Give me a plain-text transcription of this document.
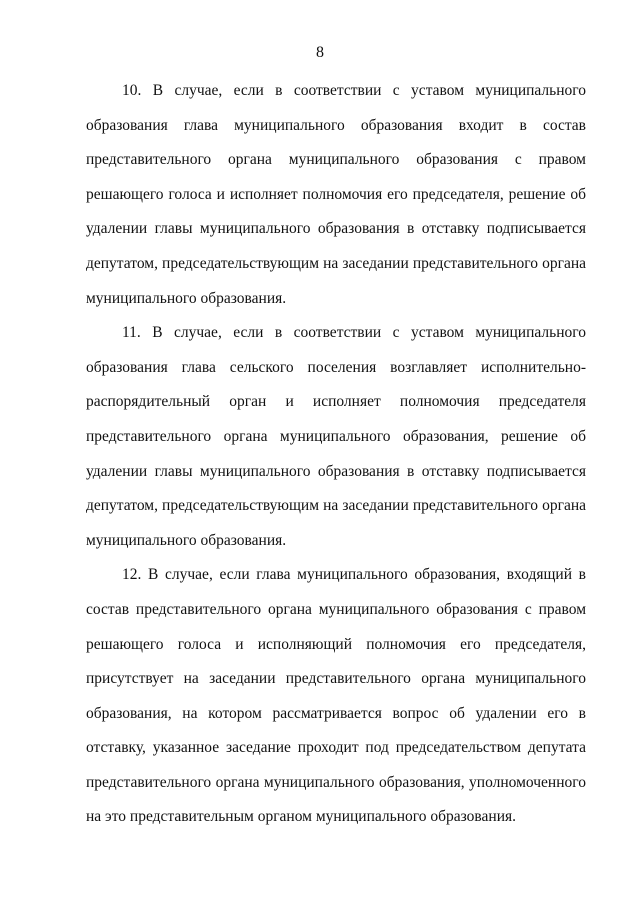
8

10. В случае, если в соответствии с уставом муниципального образования глава муниципального образования входит в состав представительного органа муниципального образования с правом решающего голоса и исполняет полномочия его председателя, решение об удалении главы муниципального образования в отставку подписывается депутатом, председательствующим на заседании представительного органа муниципального образования.

11. В случае, если в соответствии с уставом муниципального образования глава сельского поселения возглавляет исполнительно-распорядительный орган и исполняет полномочия председателя представительного органа муниципального образования, решение об удалении главы муниципального образования в отставку подписывается депутатом, председательствующим на заседании представительного органа муниципального образования.

12. В случае, если глава муниципального образования, входящий в состав представительного органа муниципального образования с правом решающего голоса и исполняющий полномочия его председателя, присутствует на заседании представительного органа муниципального образования, на котором рассматривается вопрос об удалении его в отставку, указанное заседание проходит под председательством депутата представительного органа муниципального образования, уполномоченного на это представительным органом муниципального образования.
